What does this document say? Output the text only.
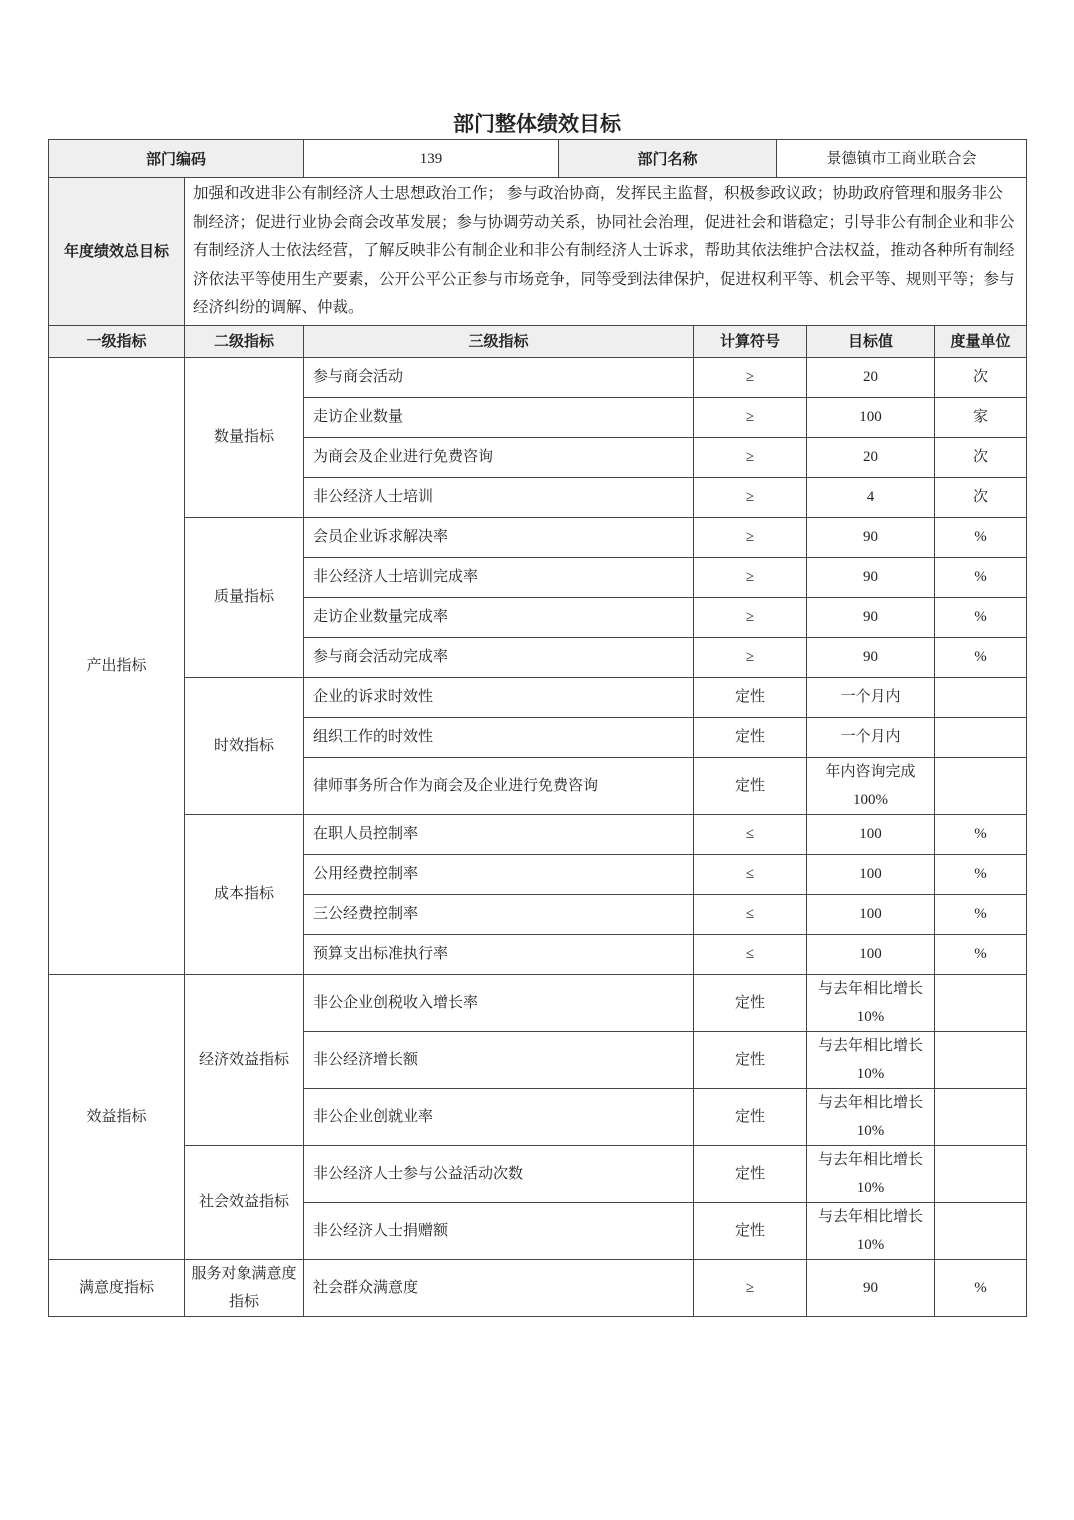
部门整体绩效目标
部门编码	139	部门名称	景德镇市工商业联合会
年度绩效总目标	加强和改进非公有制经济人士思想政治工作； 参与政治协商，发挥民主监督，积极参政议政；协助政府管理和服务非公制经济；促进行业协会商会改革发展；参与协调劳动关系，协同社会治理，促进社会和谐稳定；引导非公有制企业和非公有制经济人士依法经营，了解反映非公有制企业和非公有制经济人士诉求，帮助其依法维护合法权益，推动各种所有制经济依法平等使用生产要素，公开公平公正参与市场竞争，同等受到法律保护，促进权利平等、机会平等、规则平等；参与经济纠纷的调解、仲裁。				
一级指标	二级指标	三级指标	计算符号	目标值	度量单位
产出指标	数量指标	参与商会活动	≥	20	次
		走访企业数量	≥	100	家
		为商会及企业进行免费咨询	≥	20	次
		非公经济人士培训	≥	4	次
	质量指标	会员企业诉求解决率	≥	90	%
		非公经济人士培训完成率	≥	90	%
		走访企业数量完成率	≥	90	%
		参与商会活动完成率	≥	90	%
	时效指标	企业的诉求时效性	定性	一个月内	
		组织工作的时效性	定性	一个月内	
		律师事务所合作为商会及企业进行免费咨询	定性	年内咨询完成100%	
	成本指标	在职人员控制率	≤	100	%
		公用经费控制率	≤	100	%
		三公经费控制率	≤	100	%
		预算支出标准执行率	≤	100	%
效益指标	经济效益指标	非公企业创税收入增长率	定性	与去年相比增长10%	
		非公经济增长额	定性	与去年相比增长10%	
		非公企业创就业率	定性	与去年相比增长10%	
	社会效益指标	非公经济人士参与公益活动次数	定性	与去年相比增长10%	
		非公经济人士捐赠额	定性	与去年相比增长10%	
满意度指标	服务对象满意度指标	社会群众满意度	≥	90	%
